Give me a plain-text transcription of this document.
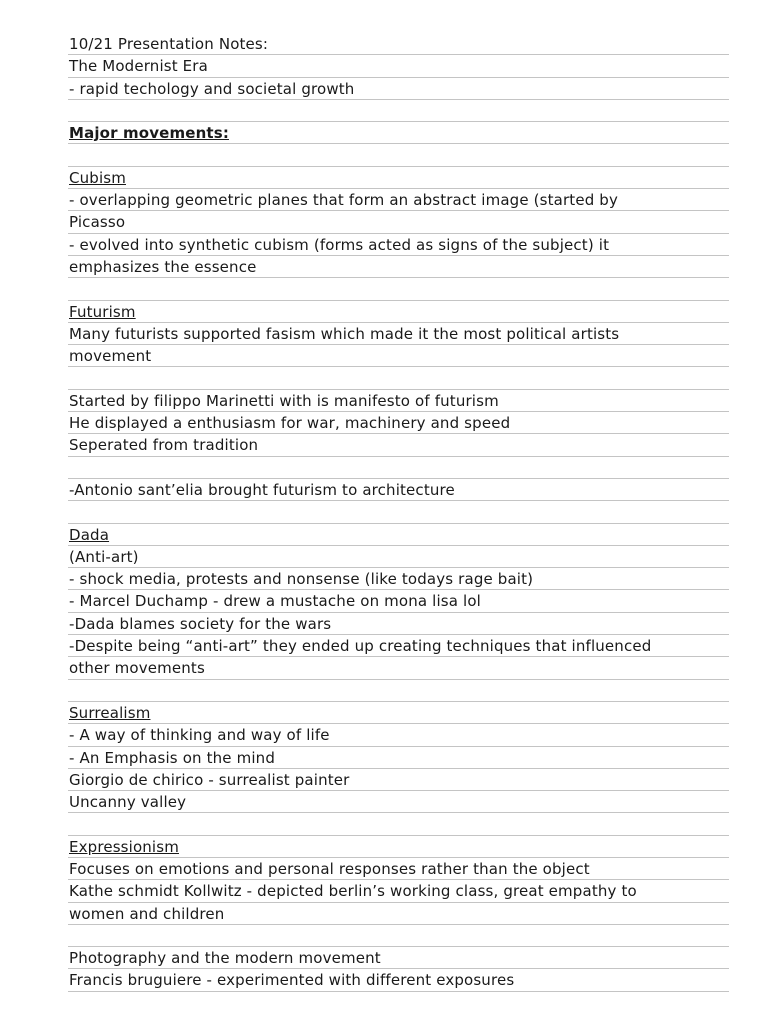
10/21 Presentation Notes:
The Modernist Era
- rapid techology and societal growth
Major movements:
Cubism
- overlapping geometric planes that form an abstract image (started by
Picasso
- evolved into synthetic cubism (forms acted as signs of the subject) it
emphasizes the essence
Futurism
Many futurists supported fasism which made it the most political artists
movement
Started by filippo Marinetti with is manifesto of futurism
He displayed a enthusiasm for war, machinery and speed
Seperated from tradition
-Antonio sant’elia brought futurism to architecture
Dada
(Anti-art)
- shock media, protests and nonsense (like todays rage bait)
- Marcel Duchamp - drew a mustache on mona lisa lol
-Dada blames society for the wars
-Despite being “anti-art” they ended up creating techniques that influenced
other movements
Surrealism
- A way of thinking and way of life
- An Emphasis on the mind
Giorgio de chirico - surrealist painter
Uncanny valley
Expressionism
Focuses on emotions and personal responses rather than the object
Kathe schmidt Kollwitz - depicted berlin’s working class, great empathy to
women and children
Photography and the modern movement
Francis bruguiere - experimented with different exposures
